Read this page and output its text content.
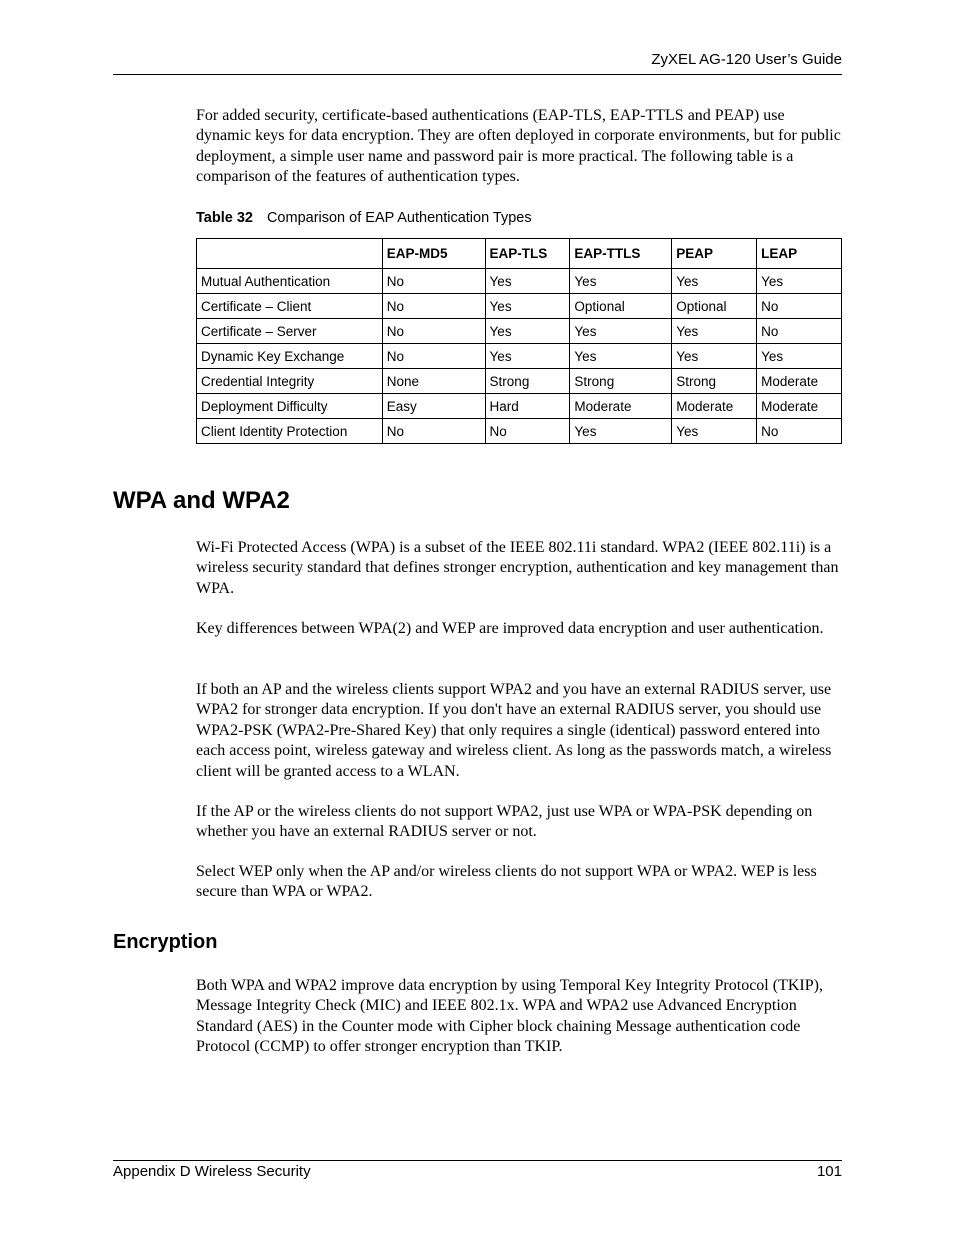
ZyXEL AG-120 User’s Guide

For added security, certificate-based authentications (EAP-TLS, EAP-TTLS and PEAP) use dynamic keys for data encryption. They are often deployed in corporate environments, but for public deployment, a simple user name and password pair is more practical. The following table is a comparison of the features of authentication types.

Table 32 Comparison of EAP Authentication Types
	EAP-MD5	EAP-TLS	EAP-TTLS	PEAP	LEAP
Mutual Authentication	No	Yes	Yes	Yes	Yes
Certificate – Client	No	Yes	Optional	Optional	No
Certificate – Server	No	Yes	Yes	Yes	No
Dynamic Key Exchange	No	Yes	Yes	Yes	Yes
Credential Integrity	None	Strong	Strong	Strong	Moderate
Deployment Difficulty	Easy	Hard	Moderate	Moderate	Moderate
Client Identity Protection	No	No	Yes	Yes	No
WPA and WPA2

Wi-Fi Protected Access (WPA) is a subset of the IEEE 802.11i standard. WPA2 (IEEE 802.11i) is a wireless security standard that defines stronger encryption, authentication and key management than WPA.

Key differences between WPA(2) and WEP are improved data encryption and user authentication.

If both an AP and the wireless clients support WPA2 and you have an external RADIUS server, use WPA2 for stronger data encryption. If you don't have an external RADIUS server, you should use WPA2-PSK (WPA2-Pre-Shared Key) that only requires a single (identical) password entered into each access point, wireless gateway and wireless client. As long as the passwords match, a wireless client will be granted access to a WLAN.

If the AP or the wireless clients do not support WPA2, just use WPA or WPA-PSK depending on whether you have an external RADIUS server or not.

Select WEP only when the AP and/or wireless clients do not support WPA or WPA2. WEP is less secure than WPA or WPA2.

Encryption

Both WPA and WPA2 improve data encryption by using Temporal Key Integrity Protocol (TKIP), Message Integrity Check (MIC) and IEEE 802.1x. WPA and WPA2 use Advanced Encryption Standard (AES) in the Counter mode with Cipher block chaining Message authentication code Protocol (CCMP) to offer stronger encryption than TKIP.

Appendix D Wireless Security	101
